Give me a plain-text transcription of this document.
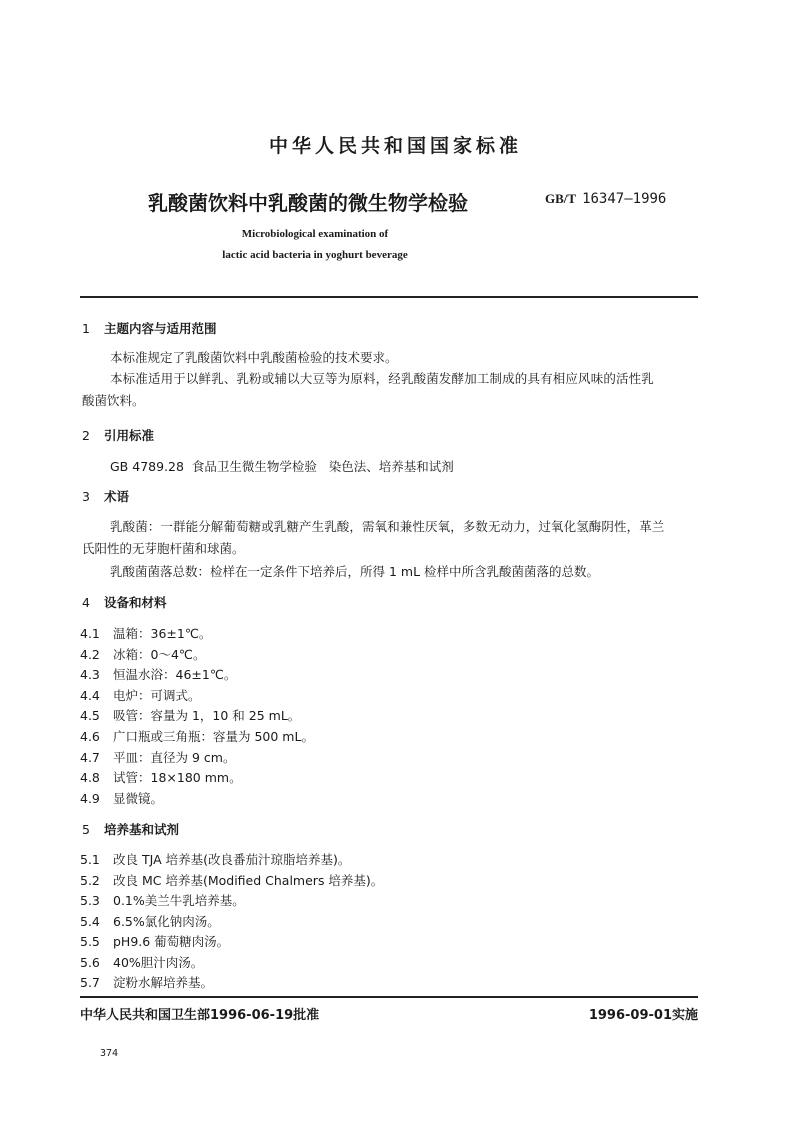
中华人民共和国国家标准
乳酸菌饮料中乳酸菌的微生物学检验	GB/T 16347—1996
Microbiological examination of
lactic acid bacteria in yoghurt beverage
1 主题内容与适用范围
本标准规定了乳酸菌饮料中乳酸菌检验的技术要求。
本标准适用于以鲜乳、乳粉或辅以大豆等为原料，经乳酸菌发酵加工制成的具有相应风味的活性乳
酸菌饮料。
2 引用标准
GB 4789.28  食品卫生微生物学检验   染色法、培养基和试剂
3 术语
乳酸菌：一群能分解葡萄糖或乳糖产生乳酸，需氧和兼性厌氧，多数无动力，过氧化氢酶阴性，革兰
氏阳性的无芽胞杆菌和球菌。
乳酸菌菌落总数：检样在一定条件下培养后，所得 1 mL 检样中所含乳酸菌菌落的总数。
4 设备和材料
4.1 温箱：36±1℃。
4.2 冰箱：0～4℃。
4.3 恒温水浴：46±1℃。
4.4 电炉：可调式。
4.5 吸管：容量为 1，10 和 25 mL。
4.6 广口瓶或三角瓶：容量为 500 mL。
4.7 平皿：直径为 9 cm。
4.8 试管：18×180 mm。
4.9 显微镜。
5 培养基和试剂
5.1 改良 TJA 培养基(改良番茄汁琼脂培养基)。
5.2 改良 MC 培养基(Modified Chalmers 培养基)。
5.3 0.1%美兰牛乳培养基。
5.4 6.5%氯化钠肉汤。
5.5 pH9.6 葡萄糖肉汤。
5.6 40%胆汁肉汤。
5.7 淀粉水解培养基。
中华人民共和国卫生部1996-06-19批准	1996-09-01实施
374
